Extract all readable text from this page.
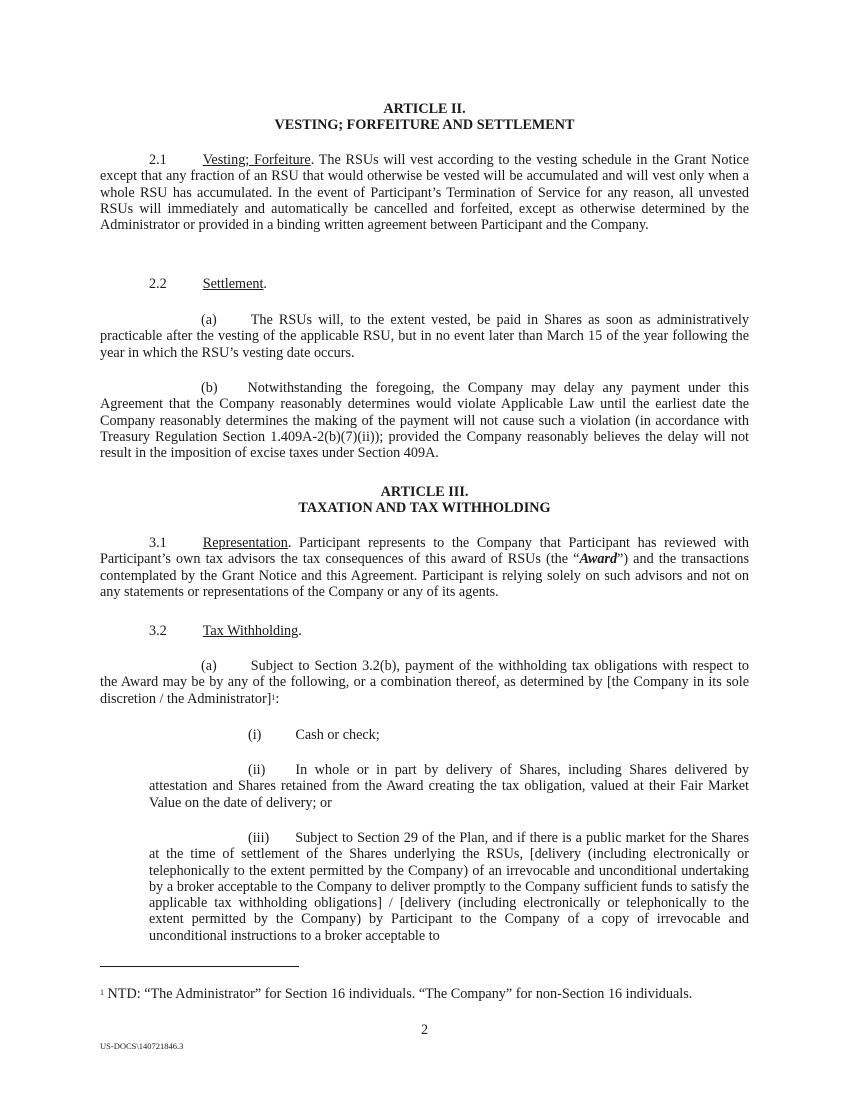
ARTICLE II.
VESTING; FORFEITURE AND SETTLEMENT

2.1	Vesting; Forfeiture. The RSUs will vest according to the vesting schedule in the Grant Notice except that any fraction of an RSU that would otherwise be vested will be accumulated and will vest only when a whole RSU has accumulated. In the event of Participant’s Termination of Service for any reason, all unvested RSUs will immediately and automatically be cancelled and forfeited, except as otherwise determined by the Administrator or provided in a binding written agreement between Participant and the Company.

2.2	Settlement.

(a) The RSUs will, to the extent vested, be paid in Shares as soon as administratively practicable after the vesting of the applicable RSU, but in no event later than March 15 of the year following the year in which the RSU’s vesting date occurs.

(b) Notwithstanding the foregoing, the Company may delay any payment under this Agreement that the Company reasonably determines would violate Applicable Law until the earliest date the Company reasonably determines the making of the payment will not cause such a violation (in accordance with Treasury Regulation Section 1.409A-2(b)(7)(ii)); provided the Company reasonably believes the delay will not result in the imposition of excise taxes under Section 409A.

ARTICLE III.
TAXATION AND TAX WITHHOLDING

3.1	Representation. Participant represents to the Company that Participant has reviewed with Participant’s own tax advisors the tax consequences of this award of RSUs (the “Award”) and the transactions contemplated by the Grant Notice and this Agreement. Participant is relying solely on such advisors and not on any statements or representations of the Company or any of its agents.

3.2	Tax Withholding.

(a) Subject to Section 3.2(b), payment of the withholding tax obligations with respect to the Award may be by any of the following, or a combination thereof, as determined by [the Company in its sole discretion / the Administrator]$^1$:

(i) Cash or check;

(ii) In whole or in part by delivery of Shares, including Shares delivered by attestation and Shares retained from the Award creating the tax obligation, valued at their Fair Market Value on the date of delivery; or

(iii) Subject to Section 29 of the Plan, and if there is a public market for the Shares at the time of settlement of the Shares underlying the RSUs, [delivery (including electronically or telephonically to the extent permitted by the Company) of an irrevocable and unconditional undertaking by a broker acceptable to the Company to deliver promptly to the Company sufficient funds to satisfy the applicable tax withholding obligations] / [delivery (including electronically or telephonically to the extent permitted by the Company) by Participant to the Company of a copy of irrevocable and unconditional instructions to a broker acceptable to

$^1$ NTD: “The Administrator” for Section 16 individuals. “The Company” for non-Section 16 individuals.

2
US-DOCS\140721846.3
